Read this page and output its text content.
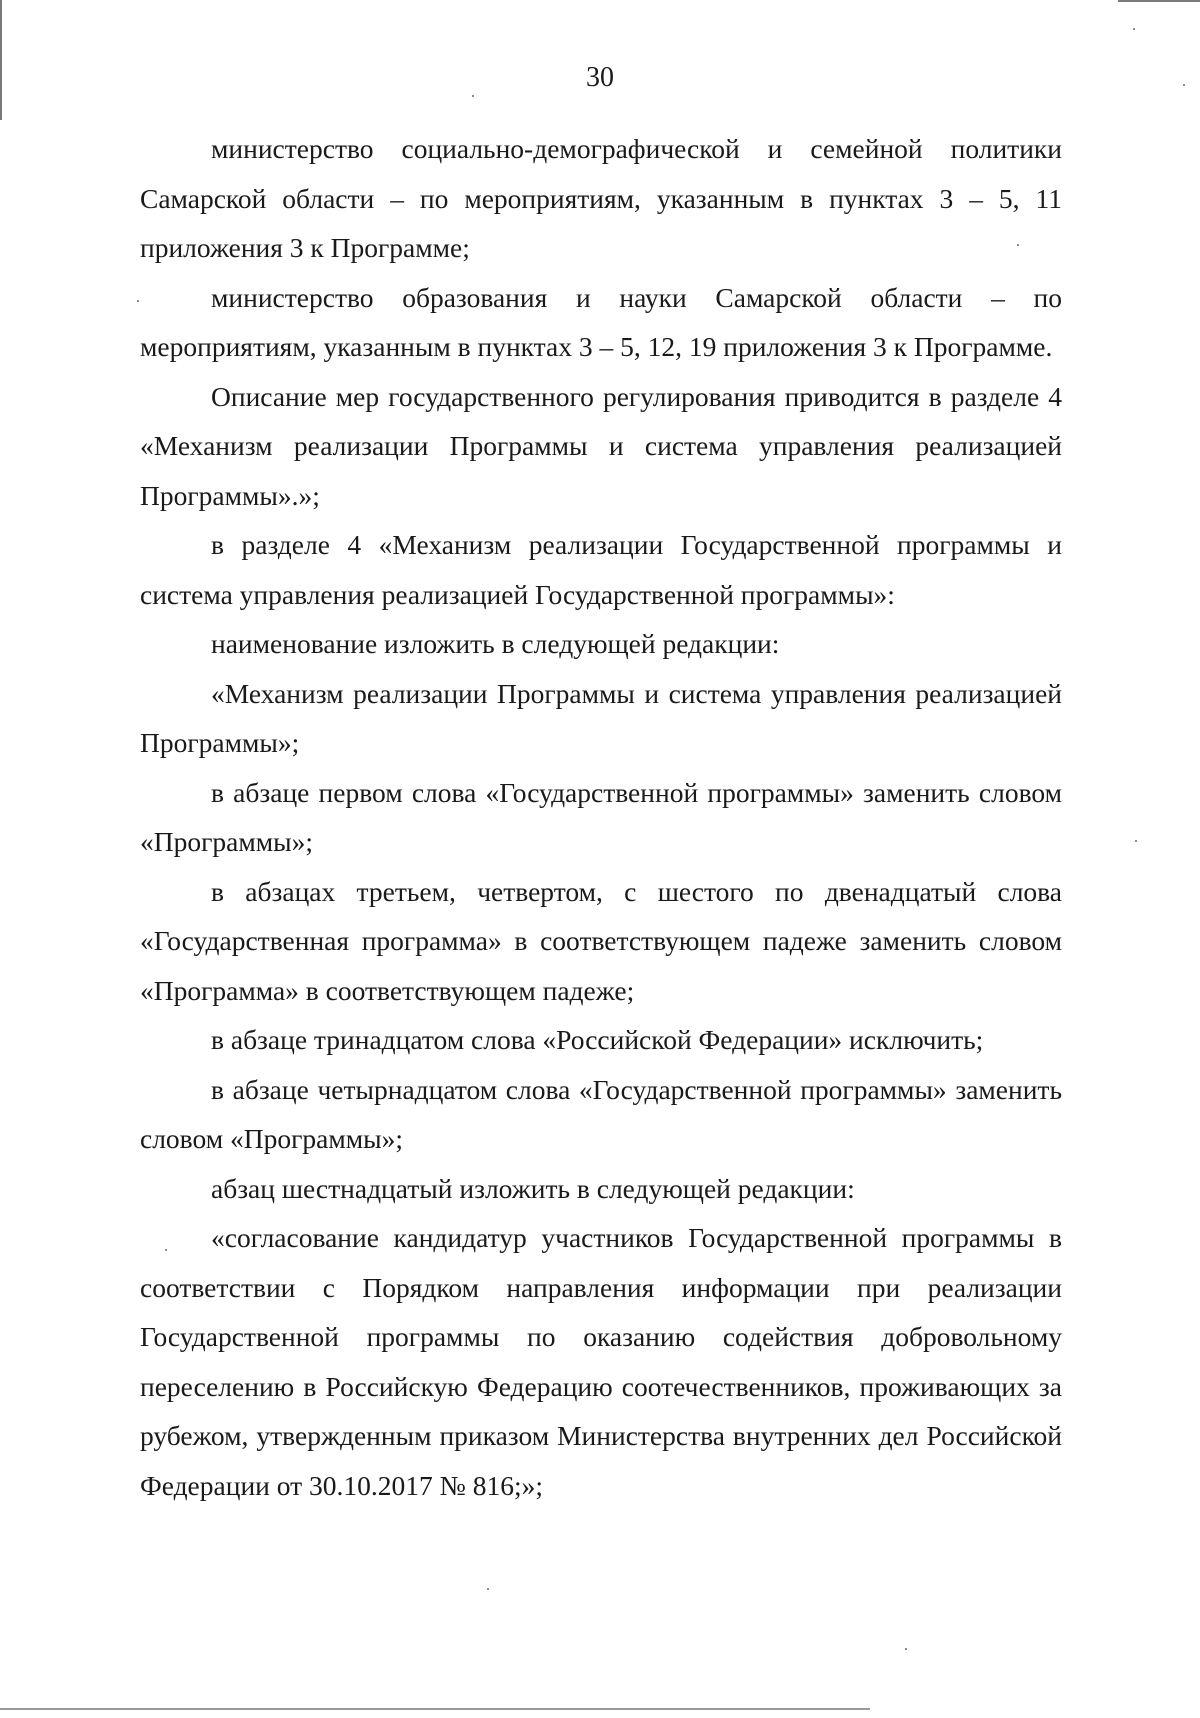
30

министерство социально-демографической и семейной политики Самарской области – по мероприятиям, указанным в пунктах 3 – 5, 11 приложения 3 к Программе;

министерство образования и науки Самарской области – по мероприятиям, указанным в пунктах 3 – 5, 12, 19 приложения 3 к Программе.

Описание мер государственного регулирования приводится в разделе 4 «Механизм реализации Программы и система управления реализацией Программы».»;

в разделе 4 «Механизм реализации Государственной программы и система управления реализацией Государственной программы»:

наименование изложить в следующей редакции:

«Механизм реализации Программы и система управления реализацией Программы»;

в абзаце первом слова «Государственной программы» заменить словом «Программы»;

в абзацах третьем, четвертом, с шестого по двенадцатый слова «Государственная программа» в соответствующем падеже заменить словом «Программа» в соответствующем падеже;

в абзаце тринадцатом слова «Российской Федерации» исключить;

в абзаце четырнадцатом слова «Государственной программы» заменить словом «Программы»;

абзац шестнадцатый изложить в следующей редакции:

«согласование кандидатур участников Государственной программы в соответствии с Порядком направления информации при реализации Государственной программы по оказанию содействия добровольному переселению в Российскую Федерацию соотечественников, проживающих за рубежом, утвержденным приказом Министерства внутренних дел Российской Федерации от 30.10.2017 № 816;»;
